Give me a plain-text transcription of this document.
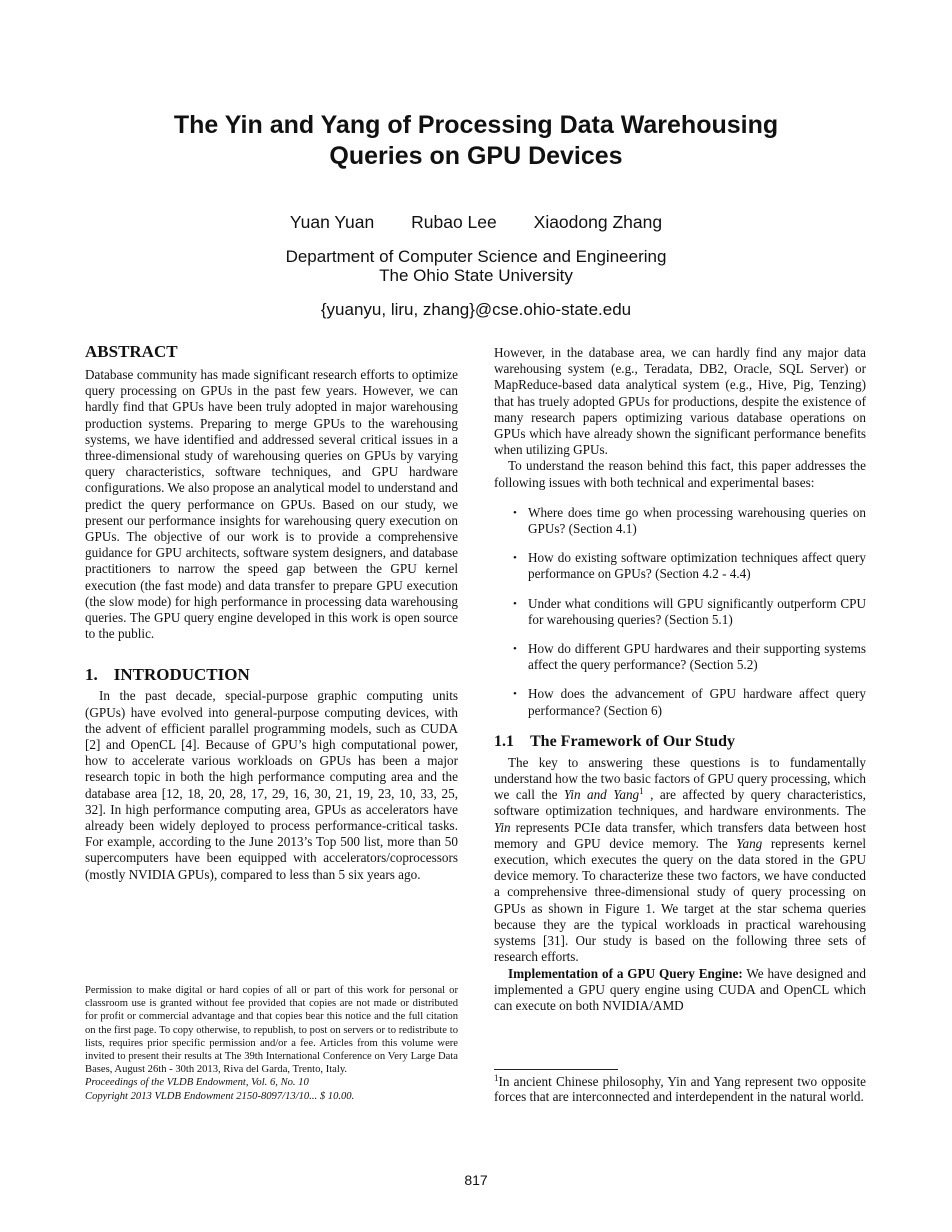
The Yin and Yang of Processing Data Warehousing
Queries on GPU Devices
Yuan Yuan Rubao Lee Xiaodong Zhang
Department of Computer Science and Engineering
The Ohio State University
{yuanyu, liru, zhang}@cse.ohio-state.edu
ABSTRACT

Database community has made significant research efforts to optimize query processing on GPUs in the past few years. However, we can hardly find that GPUs have been truly adopted in major warehousing production systems. Preparing to merge GPUs to the warehousing systems, we have identified and addressed several critical issues in a three-dimensional study of warehousing queries on GPUs by varying query characteristics, software techniques, and GPU hardware configurations. We also propose an analytical model to understand and predict the query performance on GPUs. Based on our study, we present our performance insights for warehousing query execution on GPUs. The objective of our work is to provide a comprehensive guidance for GPU architects, software system designers, and database practitioners to narrow the speed gap between the GPU kernel execution (the fast mode) and data transfer to prepare GPU execution (the slow mode) for high performance in processing data warehousing queries. The GPU query engine developed in this work is open source to the public.

1. INTRODUCTION

In the past decade, special-purpose graphic computing units (GPUs) have evolved into general-purpose computing devices, with the advent of efficient parallel programming models, such as CUDA [2] and OpenCL [4]. Because of GPU’s high computational power, how to accelerate various workloads on GPUs has been a major research topic in both the high performance computing area and the database area [12, 18, 20, 28, 17, 29, 16, 30, 21, 19, 23, 10, 33, 25, 32]. In high performance computing area, GPUs as accelerators have already been widely deployed to process performance-critical tasks. For example, according to the June 2013’s Top 500 list, more than 50 supercomputers have been equipped with accelerators/coprocessors (mostly NVIDIA GPUs), compared to less than 5 six years ago.

Permission to make digital or hard copies of all or part of this work for personal or classroom use is granted without fee provided that copies are not made or distributed for profit or commercial advantage and that copies bear this notice and the full citation on the first page. To copy otherwise, to republish, to post on servers or to redistribute to lists, requires prior specific permission and/or a fee. Articles from this volume were invited to present their results at The 39th International Conference on Very Large Data Bases, August 26th - 30th 2013, Riva del Garda, Trento, Italy.
Proceedings of the VLDB Endowment, Vol. 6, No. 10
Copyright 2013 VLDB Endowment 2150-8097/13/10... $ 10.00.

However, in the database area, we can hardly find any major data warehousing system (e.g., Teradata, DB2, Oracle, SQL Server) or MapReduce-based data analytical system (e.g., Hive, Pig, Tenzing) that has truely adopted GPUs for productions, despite the existence of many research papers optimizing various database operations on GPUs which have already shown the significant performance benefits when utilizing GPUs.

To understand the reason behind this fact, this paper addresses the following issues with both technical and experimental bases:

• Where does time go when processing warehousing queries on GPUs? (Section 4.1)
• How do existing software optimization techniques affect query performance on GPUs? (Section 4.2 - 4.4)
• Under what conditions will GPU significantly outperform CPU for warehousing queries? (Section 5.1)
• How do different GPU hardwares and their supporting systems affect the query performance? (Section 5.2)
• How does the advancement of GPU hardware affect query performance? (Section 6)
1.1 The Framework of Our Study

The key to answering these questions is to fundamentally understand how the two basic factors of GPU query processing, which we call the Yin and Yang$^1$ , are affected by query characteristics, software optimization techniques, and hardware environments. The Yin represents PCIe data transfer, which transfers data between host memory and GPU device memory. The Yang represents kernel execution, which executes the query on the data stored in the GPU device memory. To characterize these two factors, we have conducted a comprehensive three-dimensional study of query processing on GPUs as shown in Figure 1. We target at the star schema queries because they are the typical workloads in practical warehousing systems [31]. Our study is based on the following three sets of research efforts.

Implementation of a GPU Query Engine: We have designed and implemented a GPU query engine using CUDA and OpenCL which can execute on both NVIDIA/AMD

$^1$In ancient Chinese philosophy, Yin and Yang represent two opposite forces that are interconnected and interdependent in the natural world.
817
